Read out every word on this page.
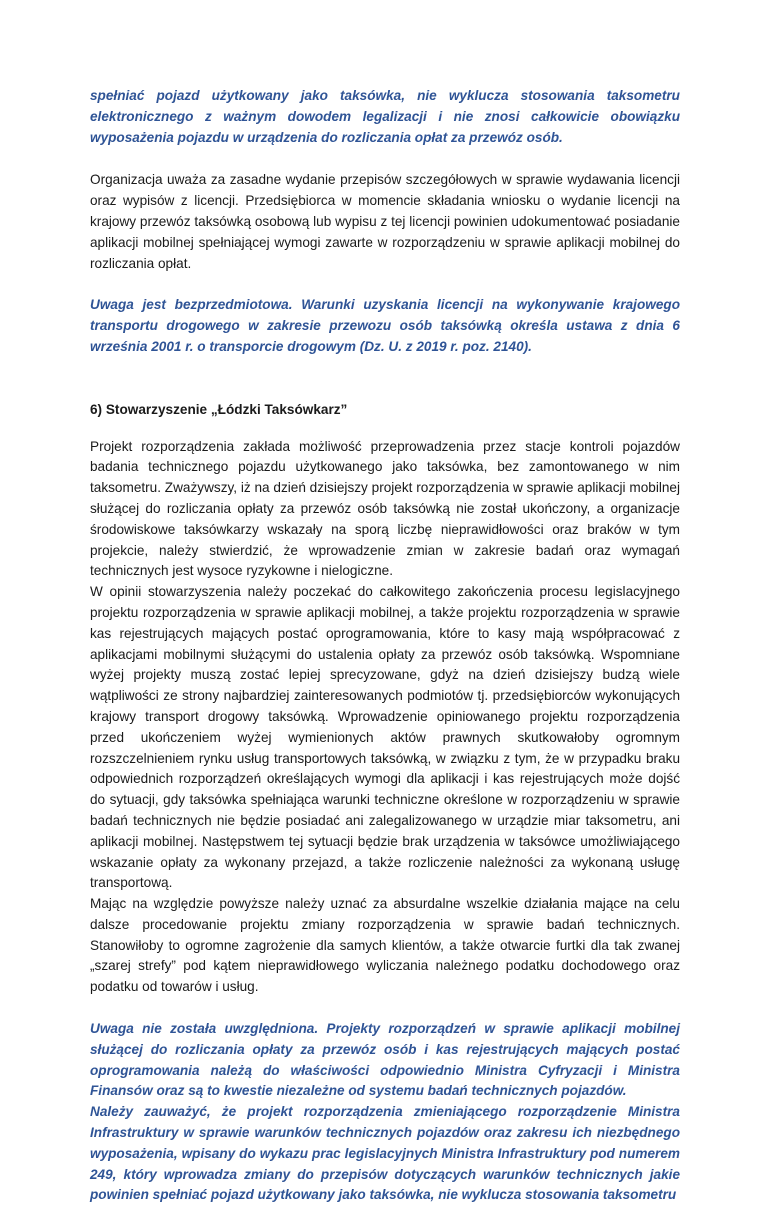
spełniać pojazd użytkowany jako taksówka, nie wyklucza stosowania taksometru elektronicznego z ważnym dowodem legalizacji i nie znosi całkowicie obowiązku wyposażenia pojazdu w urządzenia do rozliczania opłat za przewóz osób.

Organizacja uważa za zasadne wydanie przepisów szczegółowych w sprawie wydawania licencji oraz wypisów z licencji. Przedsiębiorca w momencie składania wniosku o wydanie licencji na krajowy przewóz taksówką osobową lub wypisu z tej licencji powinien udokumentować posiadanie aplikacji mobilnej spełniającej wymogi zawarte w rozporządzeniu w sprawie aplikacji mobilnej do rozliczania opłat.

Uwaga jest bezprzedmiotowa. Warunki uzyskania licencji na wykonywanie krajowego transportu drogowego w zakresie przewozu osób taksówką określa ustawa z dnia 6 września 2001 r. o transporcie drogowym (Dz. U. z 2019 r. poz. 2140).

6) Stowarzyszenie „Łódzki Taksówkarz”

Projekt rozporządzenia zakłada możliwość przeprowadzenia przez stacje kontroli pojazdów badania technicznego pojazdu użytkowanego jako taksówka, bez zamontowanego w nim taksometru. Zważywszy, iż na dzień dzisiejszy projekt rozporządzenia w sprawie aplikacji mobilnej służącej do rozliczania opłaty za przewóz osób taksówką nie został ukończony, a organizacje środowiskowe taksówkarzy wskazały na sporą liczbę nieprawidłowości oraz braków w tym projekcie, należy stwierdzić, że wprowadzenie zmian w zakresie badań oraz wymagań technicznych jest wysoce ryzykowne i nielogiczne.

W opinii stowarzyszenia należy poczekać do całkowitego zakończenia procesu legislacyjnego projektu rozporządzenia w sprawie aplikacji mobilnej, a także projektu rozporządzenia w sprawie kas rejestrujących mających postać oprogramowania, które to kasy mają współpracować z aplikacjami mobilnymi służącymi do ustalenia opłaty za przewóz osób taksówką. Wspomniane wyżej projekty muszą zostać lepiej sprecyzowane, gdyż na dzień dzisiejszy budzą wiele wątpliwości ze strony najbardziej zainteresowanych podmiotów tj. przedsiębiorców wykonujących krajowy transport drogowy taksówką. Wprowadzenie opiniowanego projektu rozporządzenia przed ukończeniem wyżej wymienionych aktów prawnych skutkowałoby ogromnym rozszczelnieniem rynku usług transportowych taksówką, w związku z tym, że w przypadku braku odpowiednich rozporządzeń określających wymogi dla aplikacji i kas rejestrujących może dojść do sytuacji, gdy taksówka spełniająca warunki techniczne określone w rozporządzeniu w sprawie badań technicznych nie będzie posiadać ani zalegalizowanego w urządzie miar taksometru, ani aplikacji mobilnej. Następstwem tej sytuacji będzie brak urządzenia w taksówce umożliwiającego wskazanie opłaty za wykonany przejazd, a także rozliczenie należności za wykonaną usługę transportową.

Mając na względzie powyższe należy uznać za absurdalne wszelkie działania mające na celu dalsze procedowanie projektu zmiany rozporządzenia w sprawie badań technicznych. Stanowiłoby to ogromne zagrożenie dla samych klientów, a także otwarcie furtki dla tak zwanej „szarej strefy” pod kątem nieprawidłowego wyliczania należnego podatku dochodowego oraz podatku od towarów i usług.

Uwaga nie została uwzględniona. Projekty rozporządzeń w sprawie aplikacji mobilnej służącej do rozliczania opłaty za przewóz osób i kas rejestrujących mających postać oprogramowania należą do właściwości odpowiednio Ministra Cyfryzacji i Ministra Finansów oraz są to kwestie niezależne od systemu badań technicznych pojazdów.

Należy zauważyć, że projekt rozporządzenia zmieniającego rozporządzenie Ministra Infrastruktury w sprawie warunków technicznych pojazdów oraz zakresu ich niezbędnego wyposażenia, wpisany do wykazu prac legislacyjnych Ministra Infrastruktury pod numerem 249, który wprowadza zmiany do przepisów dotyczących warunków technicznych jakie powinien spełniać pojazd użytkowany jako taksówka, nie wyklucza stosowania taksometru
